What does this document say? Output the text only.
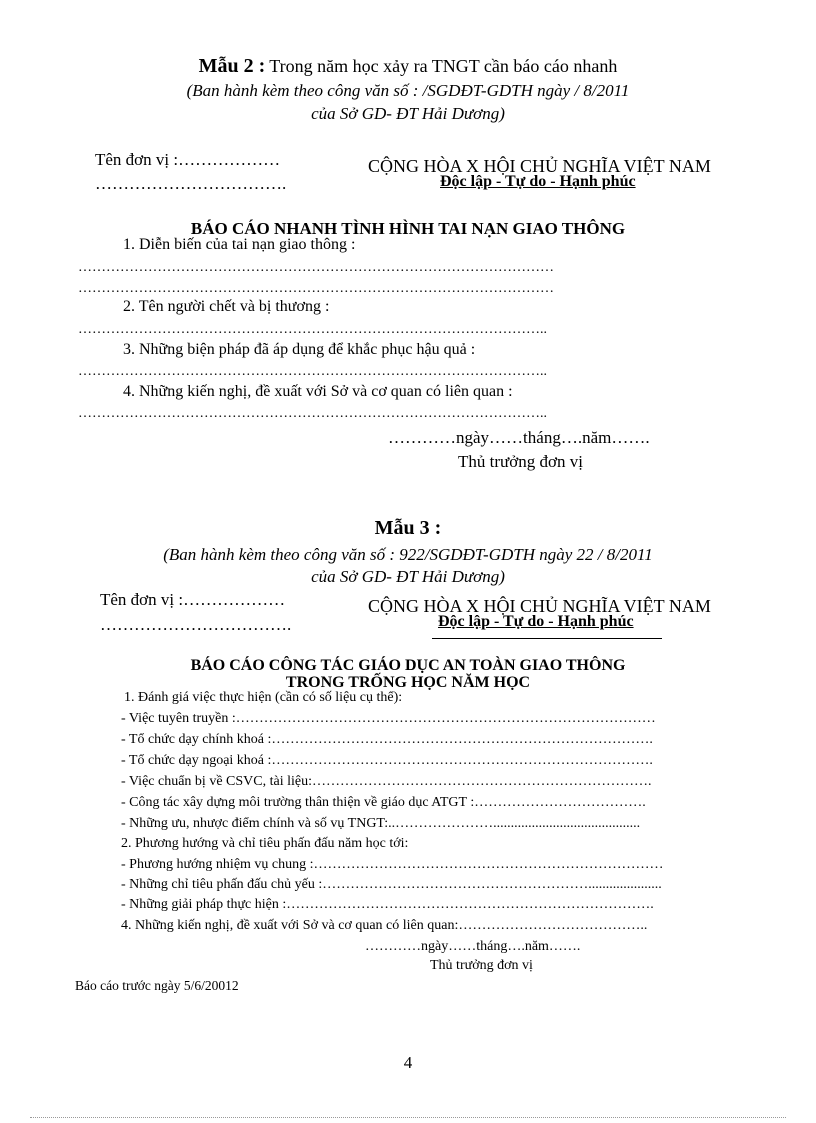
Mẫu 2 : Trong năm học xảy ra TNGT cần báo cáo nhanh
(Ban hành kèm theo công văn số : /SGDĐT-GDTH ngày / 8/2011
của Sở GD- ĐT Hải Dương)
Tên đơn vị :………………
…………………………….
CỘNG HÒA X HỘI CHỦ NGHĨA VIỆT NAM
Độc lập - Tự do - Hạnh phúc
BÁO CÁO NHANH TÌNH HÌNH TAI NẠN GIAO THÔNG
1. Diễn biến của tai nạn giao thông :
…………………………………………………………………………………………
…………………………………………………………………………………………
2. Tên người chết và bị thương :
………………………………………………………………………………………..
3. Những biện pháp đã áp dụng để khắc phục hậu quả :
………………………………………………………………………………………..
4. Những kiến nghị, đề xuất với Sở và cơ quan có liên quan :
………………………………………………………………………………………..
…………ngày……tháng….năm…….
Thủ trưởng đơn vị
Mẫu 3 :
(Ban hành kèm theo công văn số : 922/SGDĐT-GDTH ngày 22 / 8/2011
của Sở GD- ĐT Hải Dương)
Tên đơn vị :………………
…………………………….
CỘNG HÒA X HỘI CHỦ NGHĨA VIỆT NAM
Độc lập - Tự do - Hạnh phúc
BÁO CÁO CÔNG TÁC GIÁO DỤC AN TOÀN GIAO THÔNG
TRONG TRỐNG HỌC NĂM HỌC
1. Đánh giá việc thực hiện (cần có số liệu cụ thể):
- Việc tuyên truyền :………………………………………………………………………………
- Tổ chức dạy chính khoá :……………………………………………………………………….
- Tổ chức dạy ngoại khoá :……………………………………………………………………….
- Việc chuẩn bị về CSVC, tài liệu:……………………………………………………………….
- Công tác xây dựng môi trường thân thiện về giáo dục ATGT :……………………………….
- Những ưu, nhược điểm chính và số vụ TNGT:..…………………..........................................
2. Phương hướng và chỉ tiêu phấn đấu năm học tới:
- Phương hướng nhiệm vụ chung :…………………………………………………………………
- Những chỉ tiêu phấn đấu chủ yếu :………………………………………………….....................
- Những giải pháp thực hiện :…………………………………………………………………….
4. Những kiến nghị, đề xuất với Sở và cơ quan có liên quan:…………………………………..
…………ngày……tháng….năm…….
Thủ trưởng đơn vị
Báo cáo trước ngày 5/6/20012
4
